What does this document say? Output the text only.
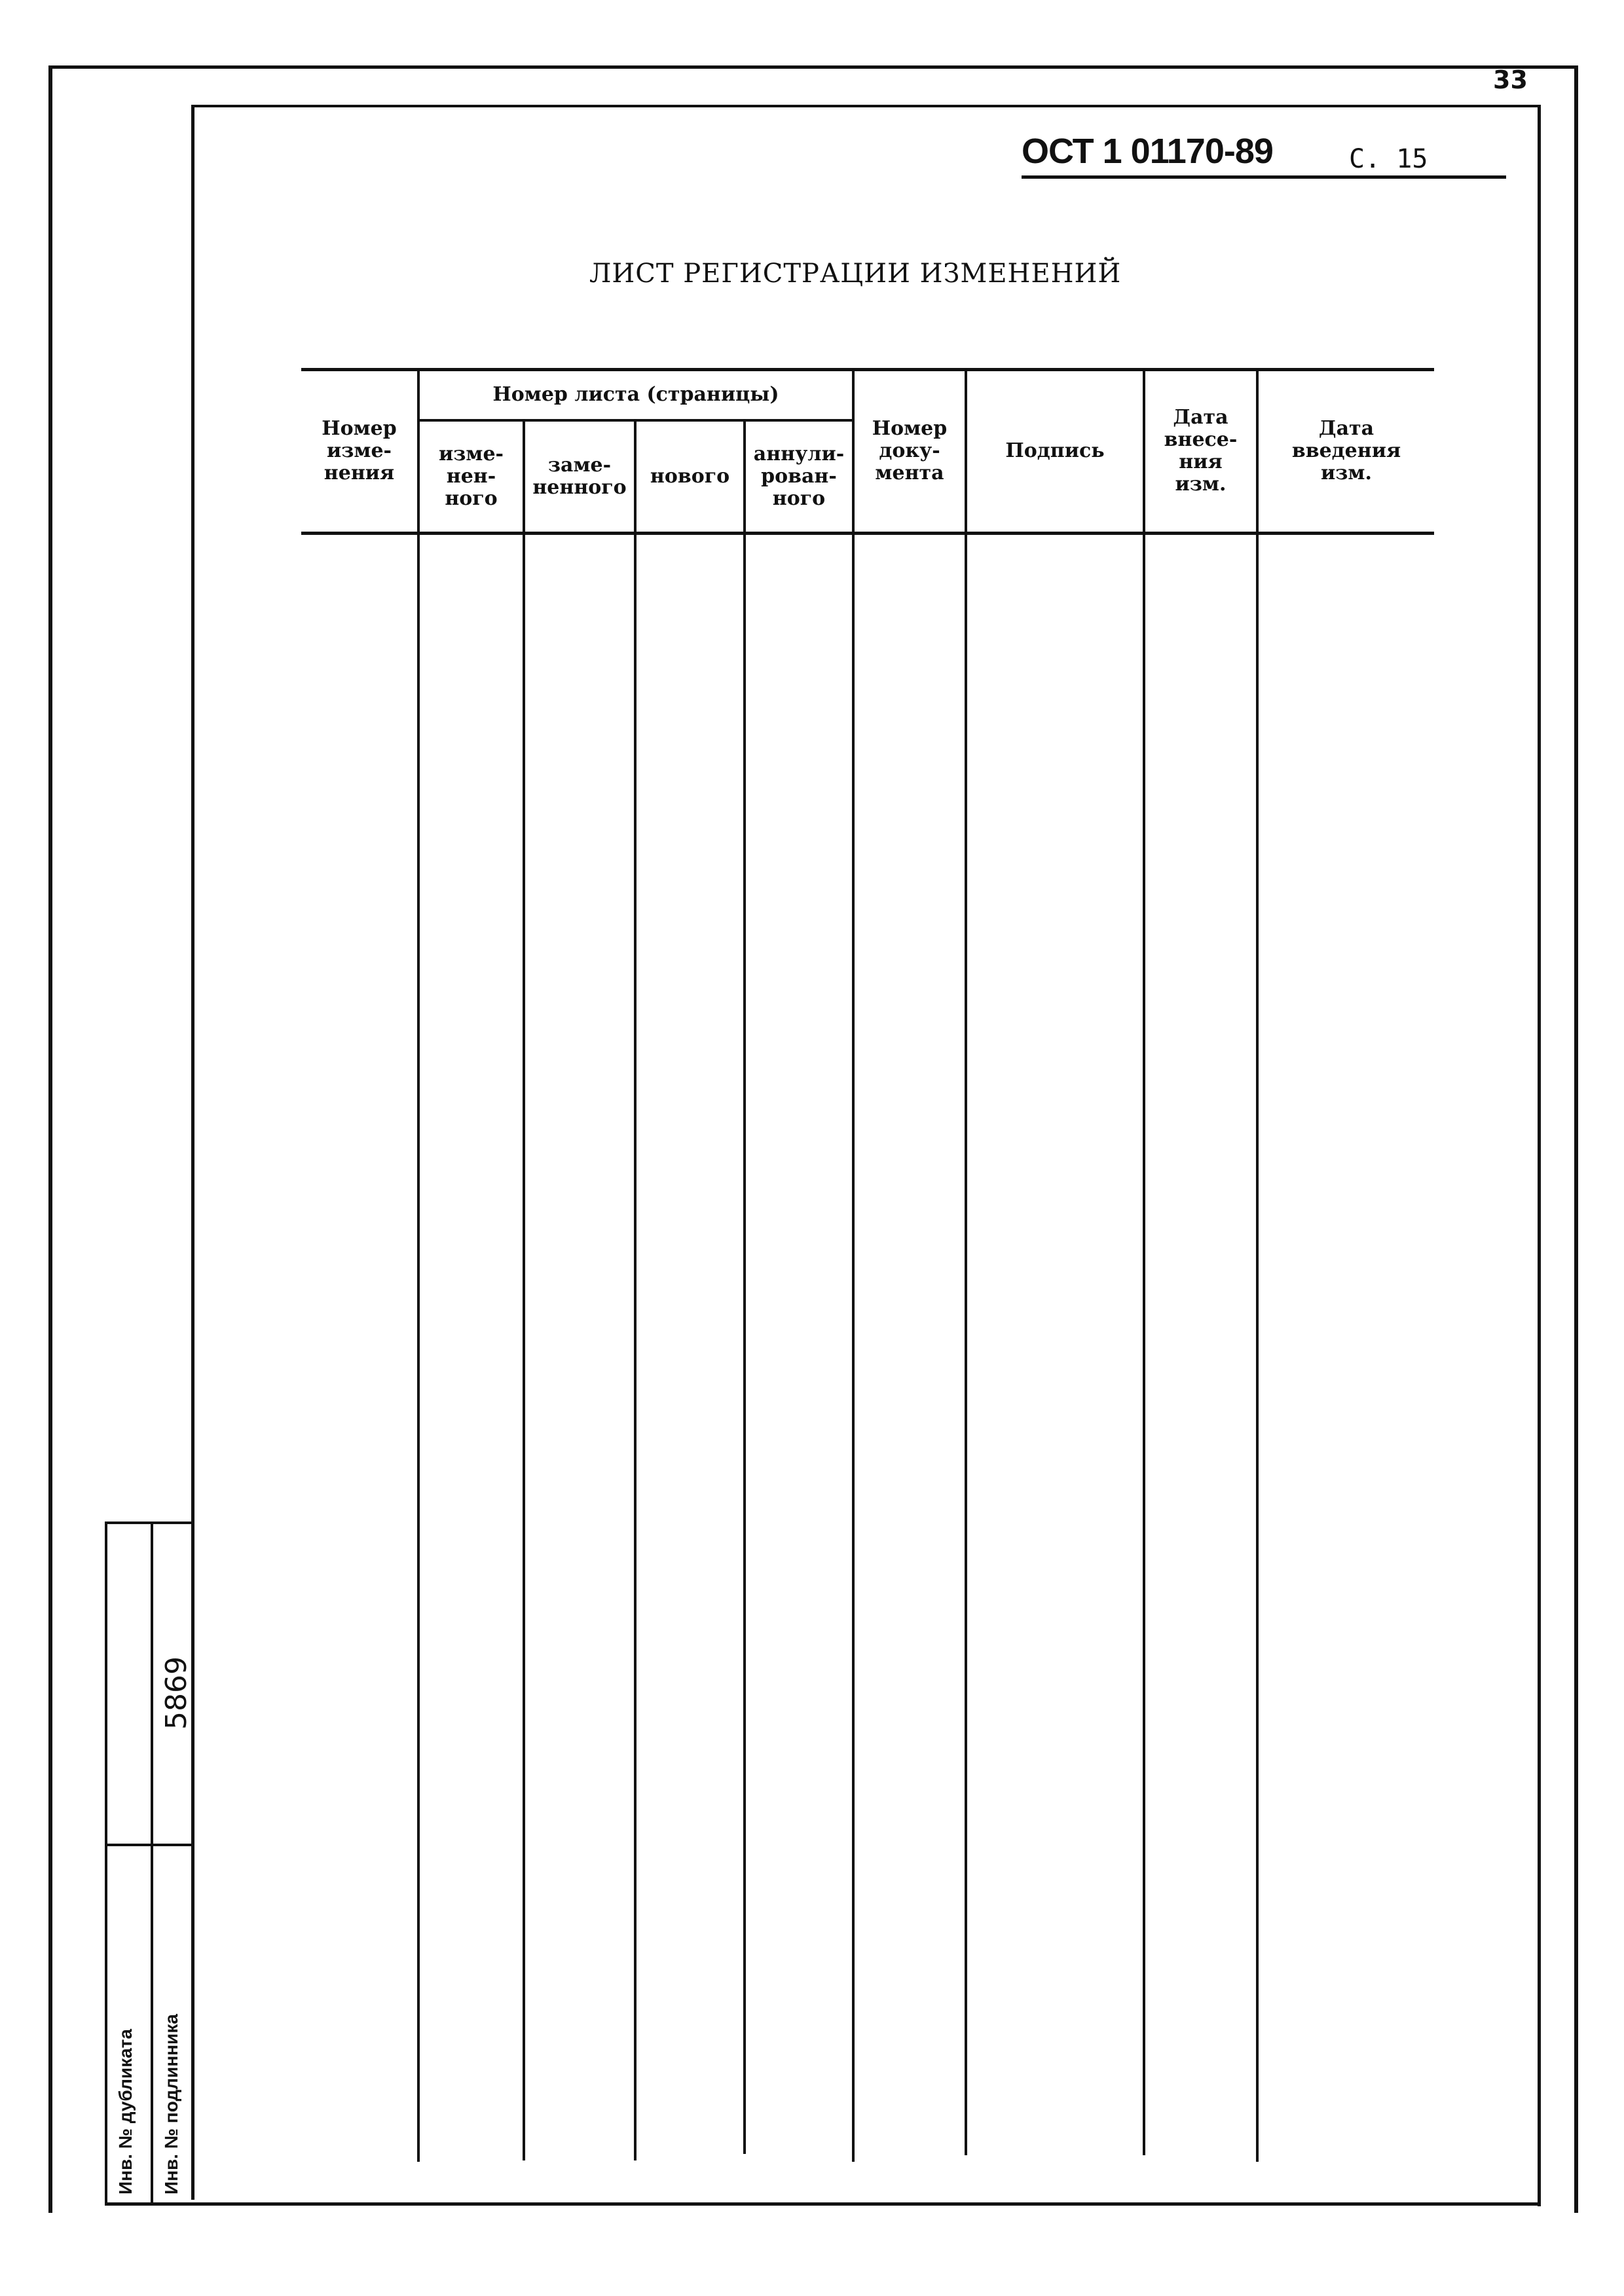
33
ОСТ 1 01170-89	С. 15
ЛИСТ РЕГИСТРАЦИИ ИЗМЕНЕНИЙ
Номер листа (страницы)
Номер
изме-
нения
изме-
нен-
ного
заме-
ненного	нового
аннули-
рован-
ного
Номер
доку-
мента
Подпись
Дата
внесе-
ния
изм.
Дата
введения
изм.
Инв. № дубликата Инв. № подлинника
5869
